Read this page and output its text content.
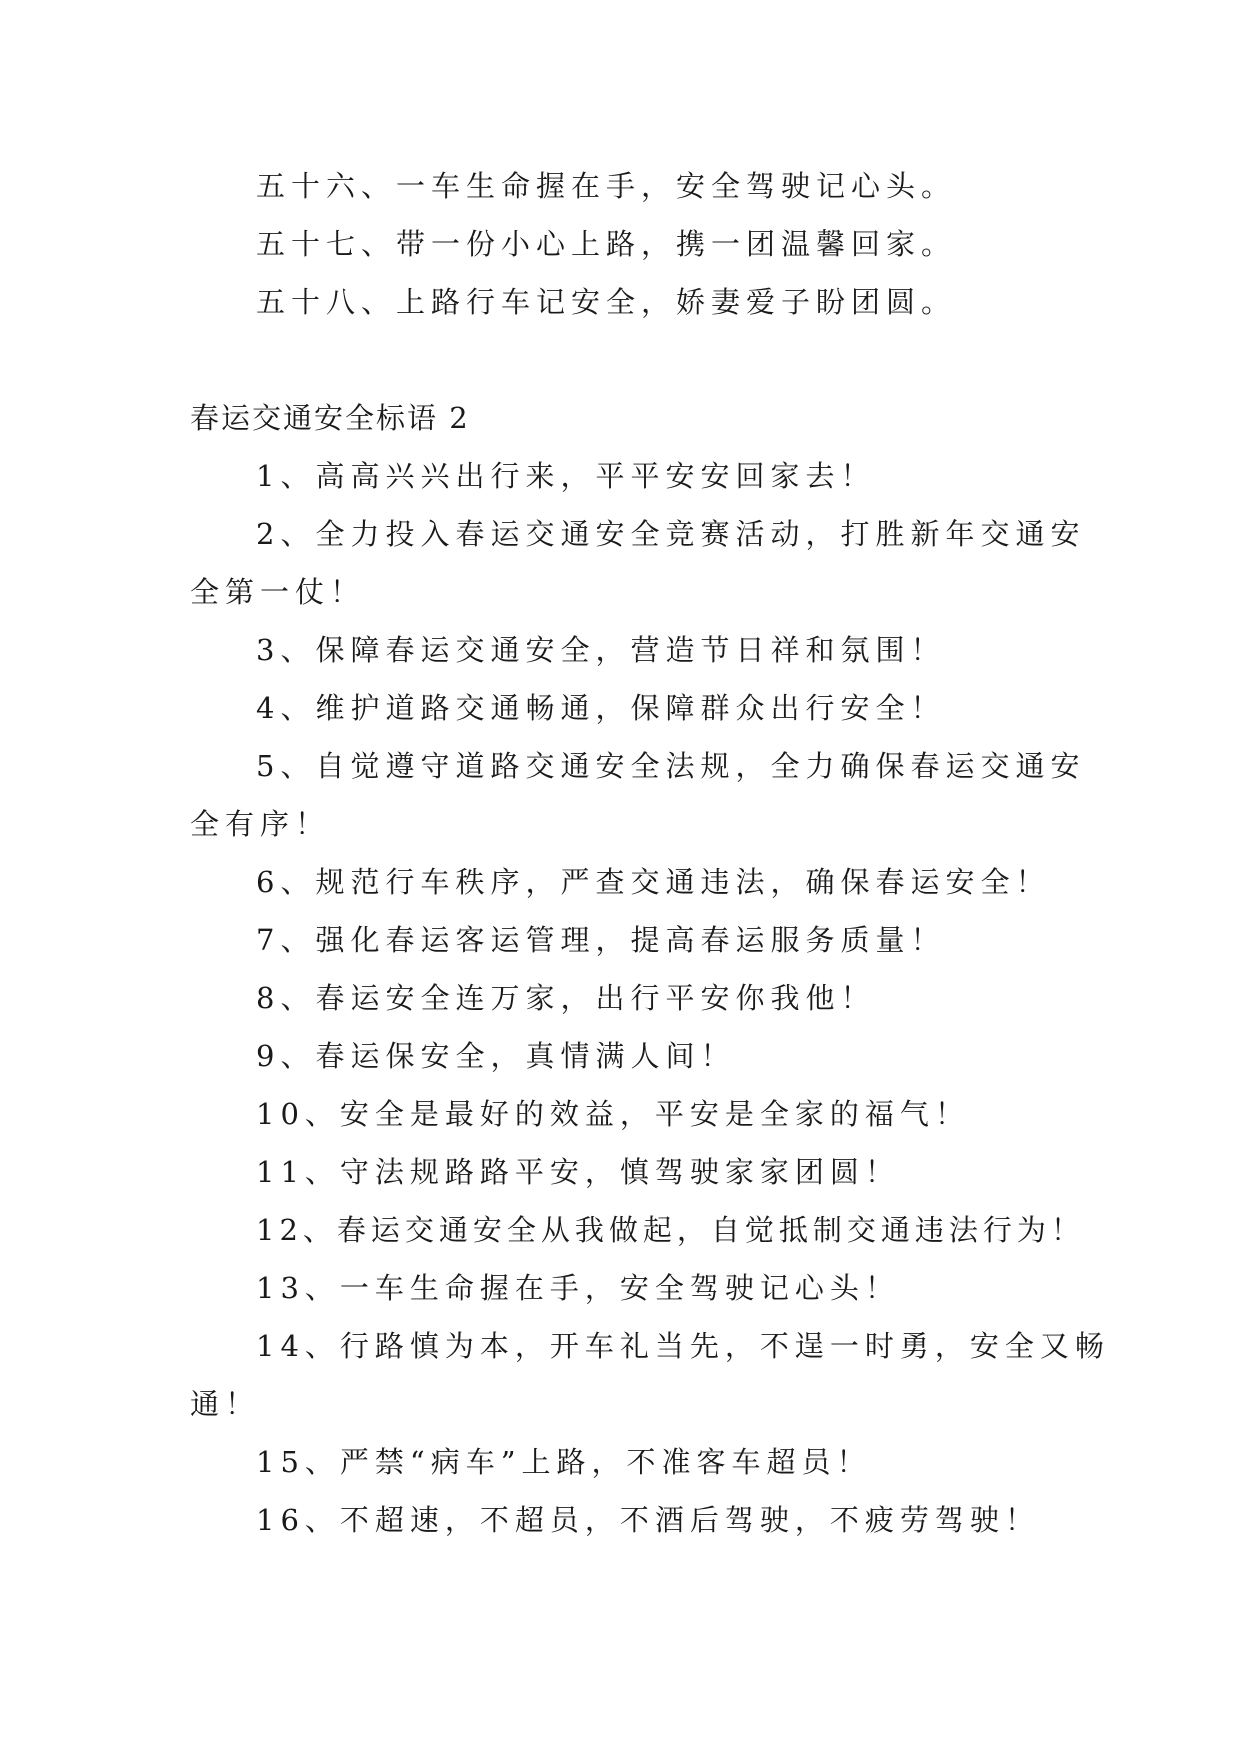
五十六、一车生命握在手，安全驾驶记心头。
五十七、带一份小心上路，携一团温馨回家。
五十八、上路行车记安全，娇妻爱子盼团圆。
春运交通安全标语 2
1、高高兴兴出行来，平平安安回家去！
2、全力投入春运交通安全竞赛活动，打胜新年交通安
全第一仗！
3、保障春运交通安全，营造节日祥和氛围！
4、维护道路交通畅通，保障群众出行安全！
5、自觉遵守道路交通安全法规，全力确保春运交通安
全有序！
6、规范行车秩序，严查交通违法，确保春运安全！
7、强化春运客运管理，提高春运服务质量！
8、春运安全连万家，出行平安你我他！
9、春运保安全，真情满人间！
10、安全是最好的效益，平安是全家的福气！
11、守法规路路平安，慎驾驶家家团圆！
12、春运交通安全从我做起，自觉抵制交通违法行为！
13、一车生命握在手，安全驾驶记心头！
14、行路慎为本，开车礼当先，不逞一时勇，安全又畅
通！
15、严禁“病车”上路，不准客车超员！
16、不超速，不超员，不酒后驾驶，不疲劳驾驶！
